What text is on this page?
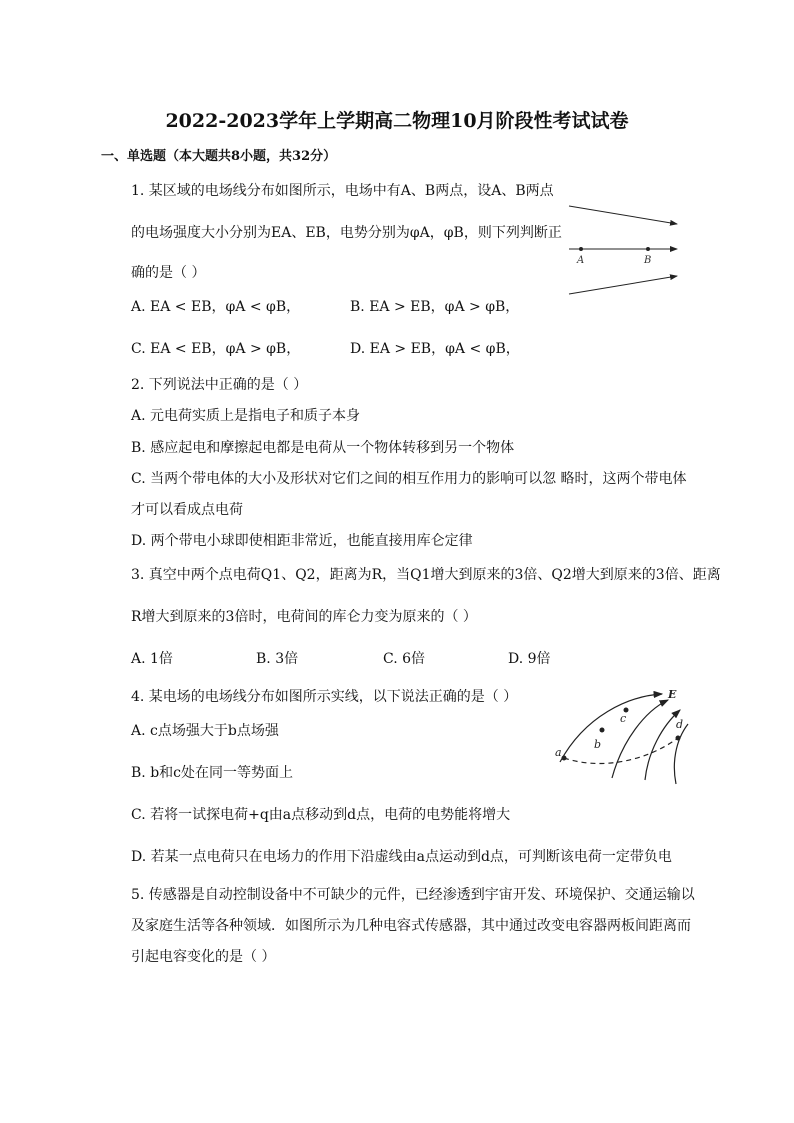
2022-2023学年上学期高二物理10月阶段性考试试卷
一、单选题（本大题共8小题，共32分）
1. 某区域的电场线分布如图所示，电场中有A、B两点，设A、B两点
的电场强度大小分别为EA、EB，电势分别为φA，φB，则下列判断正
确的是（ ）
A. EA < EB，φA < φB，	B. EA > EB，φA > φB，
C. EA < EB，φA > φB，	D. EA > EB，φA < φB，
A	B
2. 下列说法中正确的是（ ）
A. 元电荷实质上是指电子和质子本身
B. 感应起电和摩擦起电都是电荷从一个物体转移到另一个物体
C. 当两个带电体的大小及形状对它们之间的相互作用力的影响可以忽 略时，这两个带电体
才可以看成点电荷
D. 两个带电小球即使相距非常近，也能直接用库仑定律
3. 真空中两个点电荷Q1、Q2，距离为R，当Q1增大到原来的3倍、Q2增大到原来的3倍、距离
R增大到原来的3倍时，电荷间的库仑力变为原来的（ ）
A. 1倍	B. 3倍	C. 6倍	D. 9倍
4. 某电场的电场线分布如图所示实线，以下说法正确的是（ ）
A. c点场强大于b点场强
B. b和c处在同一等势面上
C. 若将一试探电荷+q由a点移动到d点，电荷的电势能将增大
D. 若某一点电荷只在电场力的作用下沿虚线由a点运动到d点，可判断该电荷一定带负电
E
a
b
c	d
5. 传感器是自动控制设备中不可缺少的元件，已经渗透到宇宙开发、环境保护、交通运输以
及家庭生活等各种领域．如图所示为几种电容式传感器，其中通过改变电容器两板间距离而
引起电容变化的是（ ）
